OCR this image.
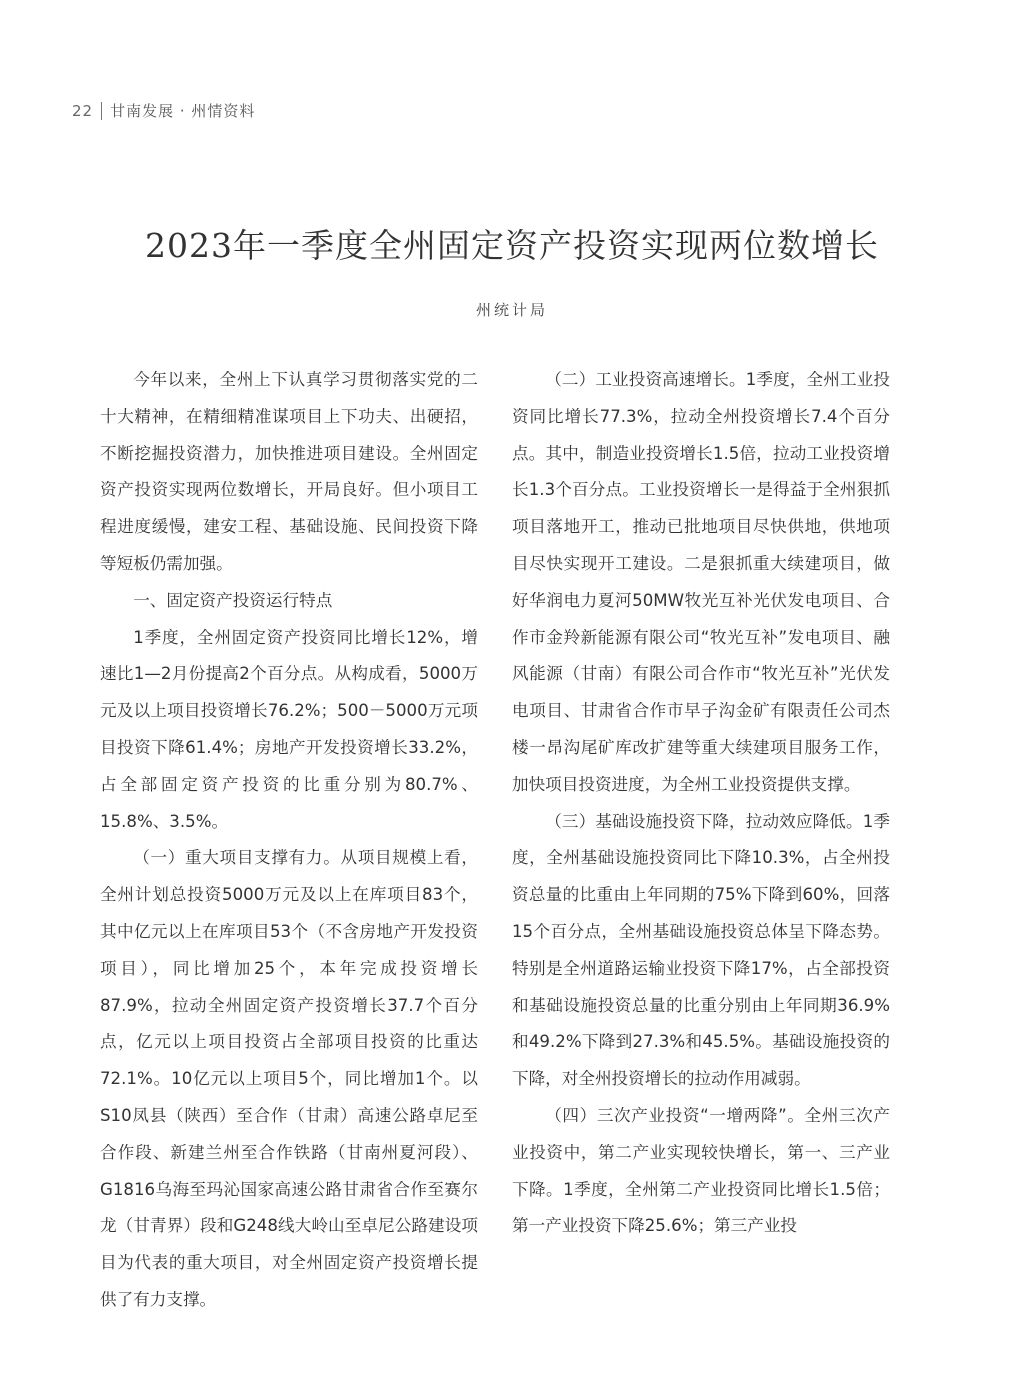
22 甘南发展 · 州情资料
2023年一季度全州固定资产投资实现两位数增长
州统计局

今年以来，全州上下认真学习贯彻落实党的二十大精神，在精细精准谋项目上下功夫、出硬招，不断挖掘投资潜力，加快推进项目建设。全州固定资产投资实现两位数增长，开局良好。但小项目工程进度缓慢，建安工程、基础设施、民间投资下降等短板仍需加强。

一、固定资产投资运行特点

1季度，全州固定资产投资同比增长12%，增速比1—2月份提高2个百分点。从构成看，5000万元及以上项目投资增长76.2%；500－5000万元项目投资下降61.4%；房地产开发投资增长33.2%，占全部固定资产投资的比重分别为80.7%、15.8%、3.5%。

（一）重大项目支撑有力。从项目规模上看，全州计划总投资5000万元及以上在库项目83个，其中亿元以上在库项目53个（不含房地产开发投资项目），同比增加25个，本年完成投资增长87.9%，拉动全州固定资产投资增长37.7个百分点，亿元以上项目投资占全部项目投资的比重达72.1%。10亿元以上项目5个，同比增加1个。以S10凤县（陕西）至合作（甘肃）高速公路卓尼至合作段、新建兰州至合作铁路（甘南州夏河段）、G1816乌海至玛沁国家高速公路甘肃省合作至赛尔龙（甘青界）段和G248线大岭山至卓尼公路建设项目为代表的重大项目，对全州固定资产投资增长提供了有力支撑。

（二）工业投资高速增长。1季度，全州工业投资同比增长77.3%，拉动全州投资增长7.4个百分点。其中，制造业投资增长1.5倍，拉动工业投资增长1.3个百分点。工业投资增长一是得益于全州狠抓项目落地开工，推动已批地项目尽快供地，供地项目尽快实现开工建设。二是狠抓重大续建项目，做好华润电力夏河50MW牧光互补光伏发电项目、合作市金羚新能源有限公司“牧光互补”发电项目、融风能源（甘南）有限公司合作市“牧光互补”光伏发电项目、甘肃省合作市早子沟金矿有限责任公司杰楼一昂沟尾矿库改扩建等重大续建项目服务工作，加快项目投资进度，为全州工业投资提供支撑。

（三）基础设施投资下降，拉动效应降低。1季度，全州基础设施投资同比下降10.3%，占全州投资总量的比重由上年同期的75%下降到60%，回落15个百分点，全州基础设施投资总体呈下降态势。特别是全州道路运输业投资下降17%，占全部投资和基础设施投资总量的比重分别由上年同期36.9%和49.2%下降到27.3%和45.5%。基础设施投资的下降，对全州投资增长的拉动作用减弱。

（四）三次产业投资“一增两降”。全州三次产业投资中，第二产业实现较快增长，第一、三产业下降。1季度，全州第二产业投资同比增长1.5倍；第一产业投资下降25.6%；第三产业投
